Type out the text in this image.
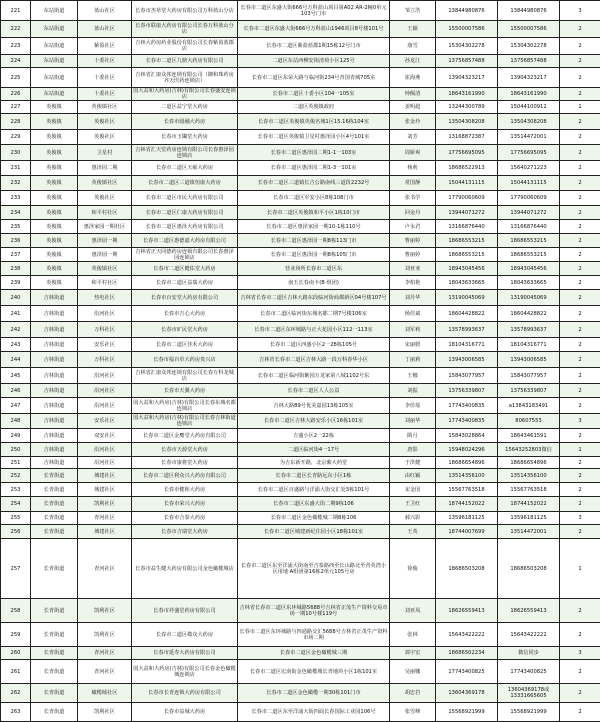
221	东站街道	蓝山社区	长春市杰草堂大药房有限公司万科蓝山分店	长春市二道区东盛大街666号万科蓝山项目第A02 AR-2幢0单元103号门市	邹立浩	13844980876	13844980876	3
222	东站街道	蓝山社区	长春市联康大药房有限公司长春万科蓝山分店	长春市二道区东盛大街666号万科蓝山1946项目8号楼101号	王颖	15500007586	15500007586	2
223	东站街道	紫盈社区	吉林大药房药业股份有限公司长春紫盈蓝郡店	长春市二道区紫盈蓝郡1期15栋12号门市	康雪	15304302278	15304302278	2
224	东站街道	十委社区	长春市二道区九鼎大药房有限公司	二道区东站西柳安街清荷小区125号	孙龙江	13756857488	13756857488	2
225	东站街道	十委社区	吉林省汇康众邦连锁有限公司（御和珠药房齐天医药连锁店）	长春市二道区东荣大路与临河街234号青国青城705室	崔海燕	13904323217	13904323217	2
226	东站街道	十委社区	国大益和大药房(吉林)有限公司长春盛安连锁店	长春市二道区十委小区104一105室	钟佩清	18643161990	18643161990	2
227	英俊镇	英俊镇社区	二道区益宁堂大药房	二道区英俊镇政府	姜明超	13244300789	15044100912	1
228	英俊镇	英俊社区	长春市圆融大药房	长春市二道区英俊镇英俊名城1区15.16栋104室	张金玲	13504308208	13504308208	2
229	英俊镇	英俊社区	长春市玉镯堂大药房	长春市二道区英俊镇卫星村惠泽园小区4号101室	刘芳	13168872387	13514472001	2
230	英俊镇	卫星村	吉林省汇天堂药房连锁有限公司长春惠泽园连锁店	长春市二道区惠泽园二期1-1一103室	周娇爽	17756695095	17756695095	2
231	英俊镇	惠泽园二期	长春市二道区天硕大药房	长春市二道区惠泽园二期1-3一101室	杨莉	18686522913	15640271223	2
232	英俊镇	英俊镇社区	长春市二道区三道镇恒康大药房	长春市二道区三道镇长吉公路南线三道段2232号	常国静	15044131115	15044131115	2
233	英俊镇	英俊社区	长春市二道区市民大药房有限公司	长春市二道区军安小区8栋108门市	张书学	17790060609	17790060609	2
234	英俊镇	和平村社区	长春市二道区仁康大药房有限公司	长春市二道区英俊镇和平小区1栋10门市	回金丹	13944071272	13944071272	2
235	英俊镇	惠泽家园一期社区	长春市二道区惠泽大药房有限公司	长春市二道区惠泽家园一期10-1栋110号	卢永君	13166876440	13166876440	2
236	英俊镇	惠泽园一期	长春市二道区惠德嘉大药房有限公司	长春市二道区惠泽园一期8栋113门市	曹丽婷	18686553215	18686553215	2
237	英俊镇	惠泽园一期	吉林省正天同德药房连锁有限公司长春惠泽园连锁店	长春市二道区惠泽园一期8栋105门市	曹丽婷	18686553215	18686553215	2
238	英俊镇	英俊镇社区	长春市二道区健佑堂大药房	营业场所长春市二道区东	刘亚亚	18943045456	18943045456	2
239	英俊镇	和平村社区	长春市二道区益瑞大药房	南玉长春南卡(B 组团)	李柏艳	18043633665	18043633665	2
240	吉林街道	热电社区	长春市百安堂大药房有限公司	吉林省长春市二道区吉林大路东段临河街商都新区04号楼107号	刘丹华	13190045069	13190045069	2
241	吉林街道	沿河社区	长春市吉心大药房	长春市二道区临河街东城名都二期7号楼106室	杨佳斌	18604428822	18604428822	2
242	吉林街道	万科社区	长春市旷民堂大药房	长春市二道区东环城路与正大花园小区112一113室	刘军莉	13578993637	13578993637	2
243	吉林街道	安乐社区	长春市二道区佳禾大药房	长春市二道区西盛小区2一28栋105号	宋丽媛	18104316771	18104316771	2
244	吉林街道	万科社区	长春市福百草大药房贵兴店	吉林省长春市二道区吉林大路一段万科春华小区	丁丽莉	13943006585	13943006585	2
245	吉林街道	沿河社区	吉林省汇康众邦连锁有限公司长春万科龙城店	长春市二道区临河街紫园万龙家第八城1102号东	王娜	15843077957	15843077957	2
246	吉林街道	沿河社区	长春市天翼大药房	长春市二道区人人公益	刘振	13756339807	13756339807	2
247	吉林街道	沿河社区	国大益和大药房(吉林)有限公司长春东城名都连锁店	吉林大路89号优美嘉园13栋105室	李佳瑶	17743400835	a13843183491	2
248	吉林街道	安乐社区	国大益和大药房(吉林)有限公司长春吉林街道连锁店	长春市二道区吉林大路安乐小区16栋101室	刘丽华	17743400835	80607553	3
249	吉林街道	双安社区	长春市二道区金鹰堂大药房有限公司	吉盛小区2一22栋	隋月	15843028864	18643461591	2
250	吉林街道	沿河社区	长春市天源堂大药房	二道区临河街4一17号	唐影	15948024296	15643252803微信	1
251	吉林街道	沿河社区	长春市康将堂大药房	为吉东新开路，北京紫大药堂	于洪健	18686654896	18686654896	2
252	长青街道	城建社区	长春市二道区利众兴大药房有限公司	长春市二道区长青路远东小区1栋	由红颖	13514356100	13514356100	2
253	长青街道	城建社区	长春市健和大药房	长春市二道区百盛路与洋浦大街交汇处3栋101号	宋金国	15567763518	15567763518	2
254	长青街道	凯利社区	长春市荣兴大药房	长春市二道区东盛大街二期9栋106	王卫红	18744152022	18744152022	2
255	长青街道	青河社区	长春市合泰大药房	长春市二道区金色橄榄城二期8栋106	郝兴影	13596181125	13596181125	3
256	长青街道	城建社区	长春市吉瑞堂大药房	长春市二道区城建新纪住园小区18栋101室	王英	18744007699	13514472001	2
257	长青街道	青河社区	长春市益生健大药房有限公司金色橄榄城店	长春市二道区东至洋浦大街南至吉泰路西至长山路北至青英湾小区用地 A组团第16栋2单元105号房	徐俊	18686503208	18686503208	1
258	长青街道	凯利社区	长春市祥盛堂药房有限公司	吉林省长春市二道区东环城路5688号吉林省正茂生产资料交易市场一期10号楼119号	刘亚凤	18626559413	18626559413	2
259	长青街道	凯利社区	长春市二道区敬众大药房	长春市二道区东环城路与四通路交汇5688号吉林省正茂生产资料市场二期	张林	15643422222	15643422222	2
260	长青街道	青河社区	长春市延寿大药房有限公司	长春市二道区金色橄榄城三期	郭宇宏	18686502234	微信同步	3
261	长青街道	青河社区	国大益和大药房(吉林)有限公司长春金色橄榄城连锁店	长春市二道区宏南街金色橄榄城长青地块小区1栋101室	吴丽娜	17743400825	17743400825	2
262	长青街道	橄榄城社区	长春市长青连锁大药房有限公司	长春市二道区金色橄榄一期30栋101门市	胡忠岩	13604369178	13604369178或13331665605	2
263	长青街道	凯利社区	长春市益城大药房	长春市二道区东至洋浦大街四面长春国际工业园106号	张雪峰	15568921999	15568921999	2
